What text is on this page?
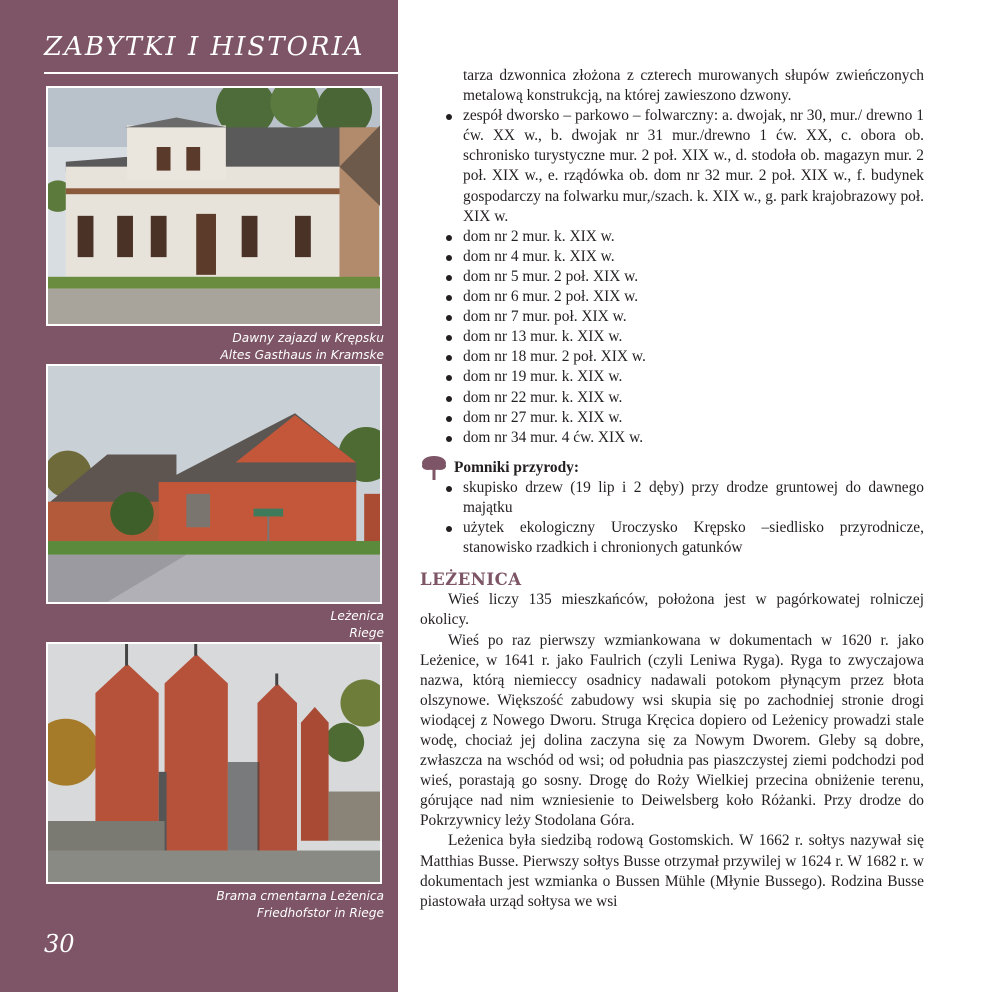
ZABYTKI I HISTORIA
Dawny zajazd w Krępsku
Altes Gasthaus in Kramske
Leżenica
Riege
Brama cmentarna Leżenica
Friedhofstor in Riege
30

tarza dzwonnica złożona z czterech murowanych słupów zwieńczonych metalową konstrukcją, na której zawieszono dzwony.

zespół dworsko – parkowo – folwarczny: a. dwojak, nr 30, mur./ drewno 1 ćw. XX w., b. dwojak nr 31 mur./drewno 1 ćw. XX, c. obora ob. schronisko turystyczne mur. 2 poł. XIX w., d. stodoła ob. magazyn mur. 2 poł. XIX w., e. rządówka ob. dom nr 32 mur. 2 poł. XIX w., f. budynek gospodarczy na folwarku mur,/szach. k. XIX w., g. park krajobrazowy poł. XIX w.
dom nr 2 mur. k. XIX w.
dom nr 4 mur. k. XIX w.
dom nr 5 mur. 2 poł. XIX w.
dom nr 6 mur. 2 poł. XIX w.
dom nr 7 mur. poł. XIX w.
dom nr 13 mur. k. XIX w.
dom nr 18 mur. 2 poł. XIX w.
dom nr 19 mur. k. XIX w.
dom nr 22 mur. k. XIX w.
dom nr 27 mur. k. XIX w.
dom nr 34 mur. 4 ćw. XIX w.
Pomniki przyrody:
skupisko drzew (19 lip i 2 dęby) przy drodze gruntowej do dawnego majątku
użytek ekologiczny Uroczysko Krępsko –siedlisko przyrodnicze, stanowisko rzadkich i chronionych gatunków
LEŻENICA

Wieś liczy 135 mieszkańców, położona jest w pagórkowatej rolniczej okolicy.

Wieś po raz pierwszy wzmiankowana w dokumentach w 1620 r. jako Leżenice, w 1641 r. jako Faulrich (czyli Leniwa Ryga). Ryga to zwyczajowa nazwa, którą niemieccy osadnicy nadawali potokom płynącym przez błota olszynowe. Większość zabudowy wsi skupia się po zachodniej stronie drogi wiodącej z Nowego Dworu. Struga Kręcica dopiero od Leżenicy prowadzi stale wodę, chociaż jej dolina zaczyna się za Nowym Dworem. Gleby są dobre, zwłaszcza na wschód od wsi; od południa pas piaszczystej ziemi podchodzi pod wieś, porastają go sosny. Drogę do Roży Wielkiej przecina obniżenie terenu, górujące nad nim wzniesienie to Deiwelsberg koło Różanki. Przy drodze do Pokrzywnicy leży Stodolana Góra.

Leżenica była siedzibą rodową Gostomskich. W 1662 r. sołtys nazywał się Matthias Busse. Pierwszy sołtys Busse otrzymał przywilej w 1624 r. W 1682 r. w dokumentach jest wzmianka o Bussen Mühle (Młynie Bussego). Rodzina Busse piastowała urząd sołtysa we wsi
